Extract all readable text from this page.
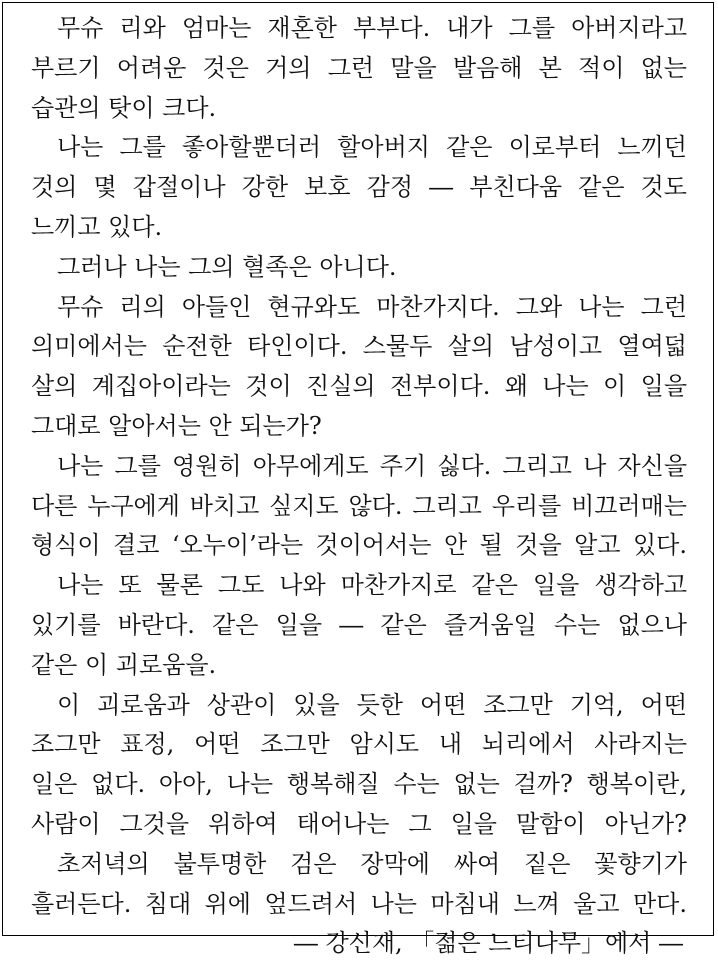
무슈 리와 엄마는 재혼한 부부다. 내가 그를 아버지라고
부르기 어려운 것은 거의 그런 말을 발음해 본 적이 없는
습관의 탓이 크다.
나는 그를 좋아할뿐더러 할아버지 같은 이로부터 느끼던
것의 몇 갑절이나 강한 보호 감정 ― 부친다움 같은 것도
느끼고 있다.
그러나 나는 그의 혈족은 아니다.
무슈 리의 아들인 현규와도 마찬가지다. 그와 나는 그런
의미에서는 순전한 타인이다. 스물두 살의 남성이고 열여덟
살의 계집아이라는 것이 진실의 전부이다. 왜 나는 이 일을
그대로 알아서는 안 되는가?
나는 그를 영원히 아무에게도 주기 싫다. 그리고 나 자신을
다른 누구에게 바치고 싶지도 않다. 그리고 우리를 비끄러매는
형식이 결코 ‘오누이’라는 것이어서는 안 될 것을 알고 있다.
나는 또 물론 그도 나와 마찬가지로 같은 일을 생각하고
있기를 바란다. 같은 일을 ― 같은 즐거움일 수는 없으나
같은 이 괴로움을.
이 괴로움과 상관이 있을 듯한 어떤 조그만 기억, 어떤
조그만 표정, 어떤 조그만 암시도 내 뇌리에서 사라지는
일은 없다. 아아, 나는 행복해질 수는 없는 걸까? 행복이란,
사람이 그것을 위하여 태어나는 그 일을 말함이 아닌가?
초저녁의 불투명한 검은 장막에 싸여 짙은 꽃향기가
흘러든다. 침대 위에 엎드려서 나는 마침내 느껴 울고 만다.
― 강신재, 「젊은 느티나무」에서 ―
